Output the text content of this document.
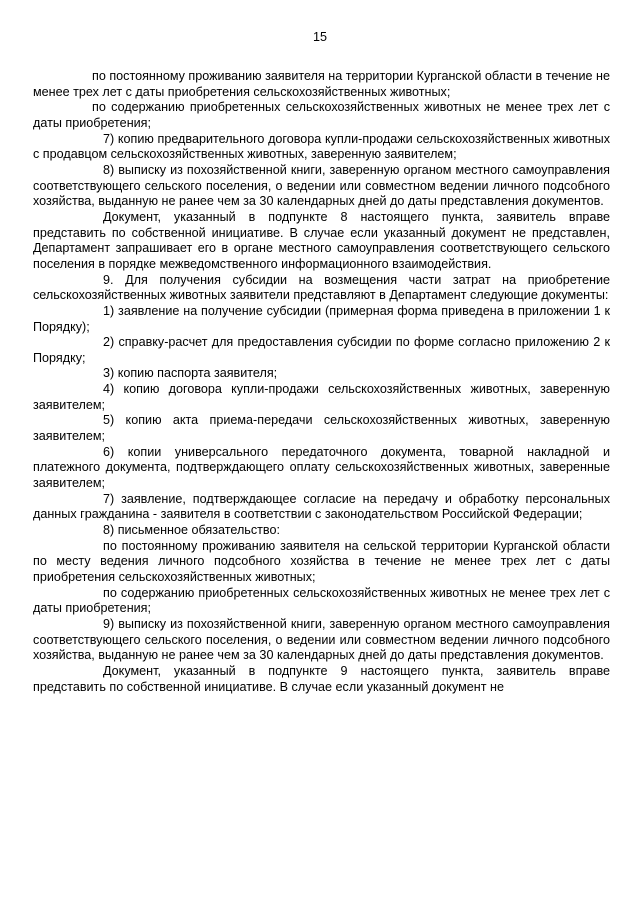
15

по постоянному проживанию заявителя на территории Курганской области в течение не менее трех лет с даты приобретения сельскохозяйственных животных;

по содержанию приобретенных сельскохозяйственных животных не менее трех лет с даты приобретения;

7) копию предварительного договора купли-продажи сельскохозяйственных животных с продавцом сельскохозяйственных животных, заверенную заявителем;

8) выписку из похозяйственной книги, заверенную органом местного самоуправления соответствующего сельского поселения, о ведении или совместном ведении личного подсобного хозяйства, выданную не ранее чем за 30 календарных дней до даты представления документов.

Документ, указанный в подпункте 8 настоящего пункта, заявитель вправе представить по собственной инициативе. В случае если указанный документ не представлен, Департамент запрашивает его в органе местного самоуправления соответствующего сельского поселения в порядке межведомственного информационного взаимодействия.

9. Для получения субсидии на возмещения части затрат на приобретение сельскохозяйственных животных заявители представляют в Департамент следующие документы:

1) заявление на получение субсидии (примерная форма приведена в приложении 1 к Порядку);

2) справку-расчет для предоставления субсидии по форме согласно приложению 2 к Порядку;

3) копию паспорта заявителя;

4) копию договора купли-продажи сельскохозяйственных животных, заверенную заявителем;

5) копию акта приема-передачи сельскохозяйственных животных, заверенную заявителем;

6) копии универсального передаточного документа, товарной накладной и платежного документа, подтверждающего оплату сельскохозяйственных животных, заверенные заявителем;

7) заявление, подтверждающее согласие на передачу и обработку персональных данных гражданина - заявителя в соответствии с законодательством Российской Федерации;

8) письменное обязательство:

по постоянному проживанию заявителя на сельской территории Курганской области по месту ведения личного подсобного хозяйства в течение не менее трех лет с даты приобретения сельскохозяйственных животных;

по содержанию приобретенных сельскохозяйственных животных не менее трех лет с даты приобретения;

9) выписку из похозяйственной книги, заверенную органом местного самоуправления соответствующего сельского поселения, о ведении или совместном ведении личного подсобного хозяйства, выданную не ранее чем за 30 календарных дней до даты представления документов.

Документ, указанный в подпункте 9 настоящего пункта, заявитель вправе представить по собственной инициативе. В случае если указанный документ не
